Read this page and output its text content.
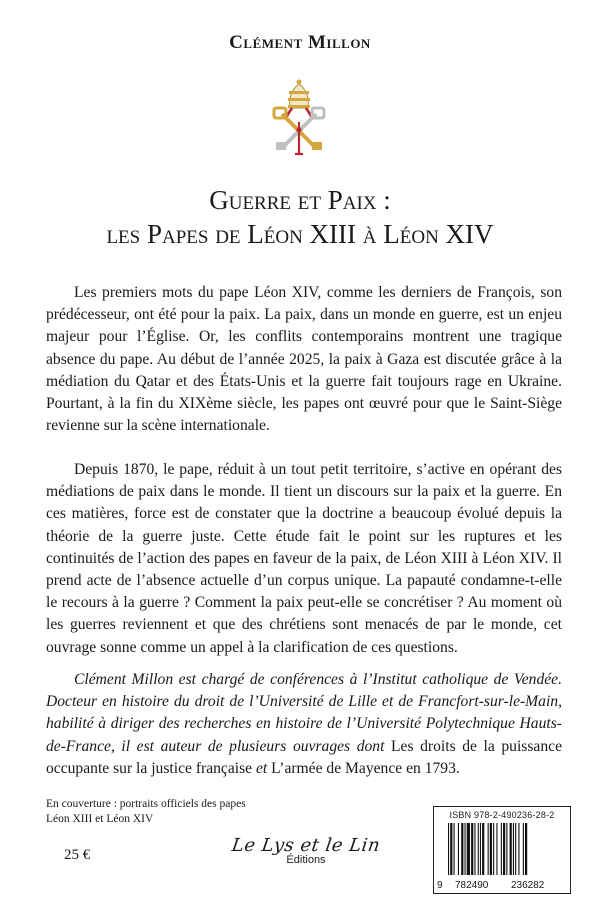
Clément Millon
Guerre et Paix :
les Papes de Léon XIII à Léon XIV
Les premiers mots du pape Léon XIV, comme les derniers de François, son prédécesseur, ont été pour la paix. La paix, dans un monde en guerre, est un enjeu majeur pour l’Église. Or, les conflits contemporains montrent une tragique absence du pape. Au début de l’année 2025, la paix à Gaza est discutée grâce à la médiation du Qatar et des États-Unis et la guerre fait toujours rage en Ukraine. Pourtant, à la fin du XIXème siècle, les papes ont œuvré pour que le Saint-Siège revienne sur la scène internationale.
Depuis 1870, le pape, réduit à un tout petit territoire, s’active en opérant des médiations de paix dans le monde. Il tient un discours sur la paix et la guerre. En ces matières, force est de constater que la doctrine a beaucoup évolué depuis la théorie de la guerre juste. Cette étude fait le point sur les ruptures et les continuités de l’action des papes en faveur de la paix, de Léon XIII à Léon XIV. Il prend acte de l’absence actuelle d’un corpus unique. La papauté condamne-t-elle le recours à la guerre ? Comment la paix peut-elle se concrétiser ? Au moment où les guerres reviennent et que des chrétiens sont menacés de par le monde, cet ouvrage sonne comme un appel à la clarification de ces questions.
Clément Millon est chargé de conférences à l’Institut catholique de Vendée. Docteur en histoire du droit de l’Université de Lille et de Francfort-sur-le-Main, habilité à diriger des recherches en histoire de l’Université Polytechnique Hauts-de-France, il est auteur de plusieurs ouvrages dont Les droits de la puissance occupante sur la justice française et L’armée de Mayence en 1793.
En couverture : portraits officiels des papes
Léon XIII et Léon XIV
25 €	Le Lys et le Lin
Éditions
ISBN 978-2-490236-28-2
9 782490 236282
